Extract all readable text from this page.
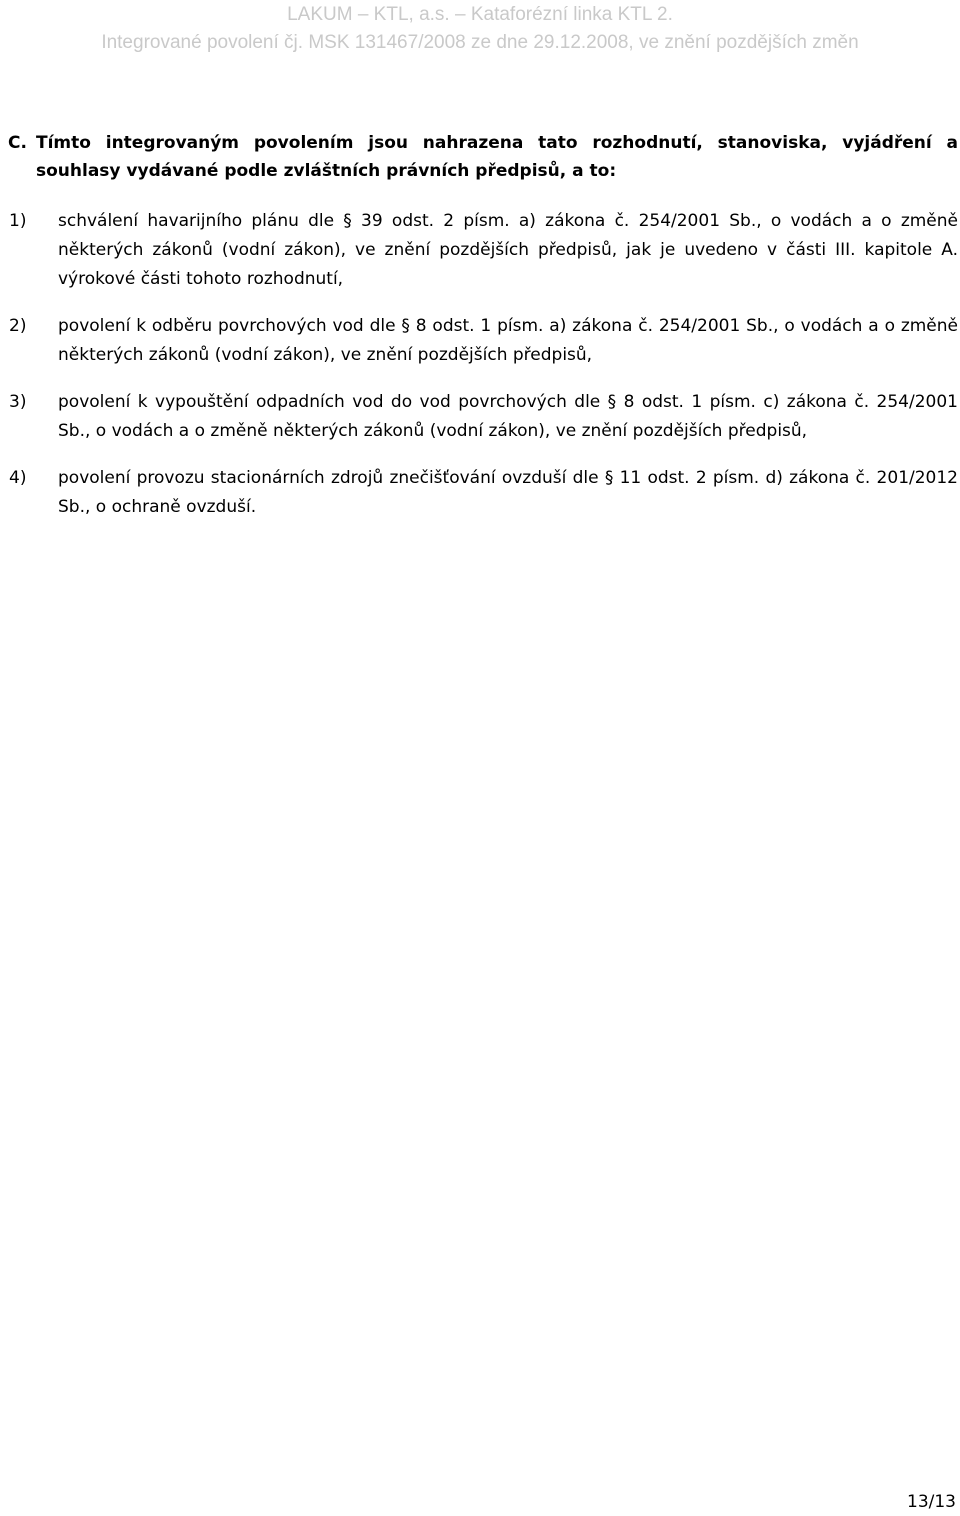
LAKUM – KTL, a.s. – Kataforézní linka KTL 2.
Integrované povolení čj. MSK 131467/2008 ze dne 29.12.2008, ve znění pozdějších změn
C. Tímto integrovaným povolením jsou nahrazena tato rozhodnutí, stanoviska, vyjádření a souhlasy vydávané podle zvláštních právních předpisů, a to:
1)	schválení havarijního plánu dle § 39 odst. 2 písm. a) zákona č. 254/2001 Sb., o vodách a o změně některých zákonů (vodní zákon), ve znění pozdějších předpisů, jak je uvedeno v části III. kapitole A. výrokové části tohoto rozhodnutí,
2)	povolení k odběru povrchových vod dle § 8 odst. 1 písm. a) zákona č. 254/2001 Sb., o vodách a o změně některých zákonů (vodní zákon), ve znění pozdějších předpisů,
3)	povolení k vypouštění odpadních vod do vod povrchových dle § 8 odst. 1 písm. c) zákona č. 254/2001 Sb., o vodách a o změně některých zákonů (vodní zákon), ve znění pozdějších předpisů,
4)	povolení provozu stacionárních zdrojů znečišťování ovzduší dle § 11 odst. 2 písm. d) zákona č. 201/2012 Sb., o ochraně ovzduší.
13/13
